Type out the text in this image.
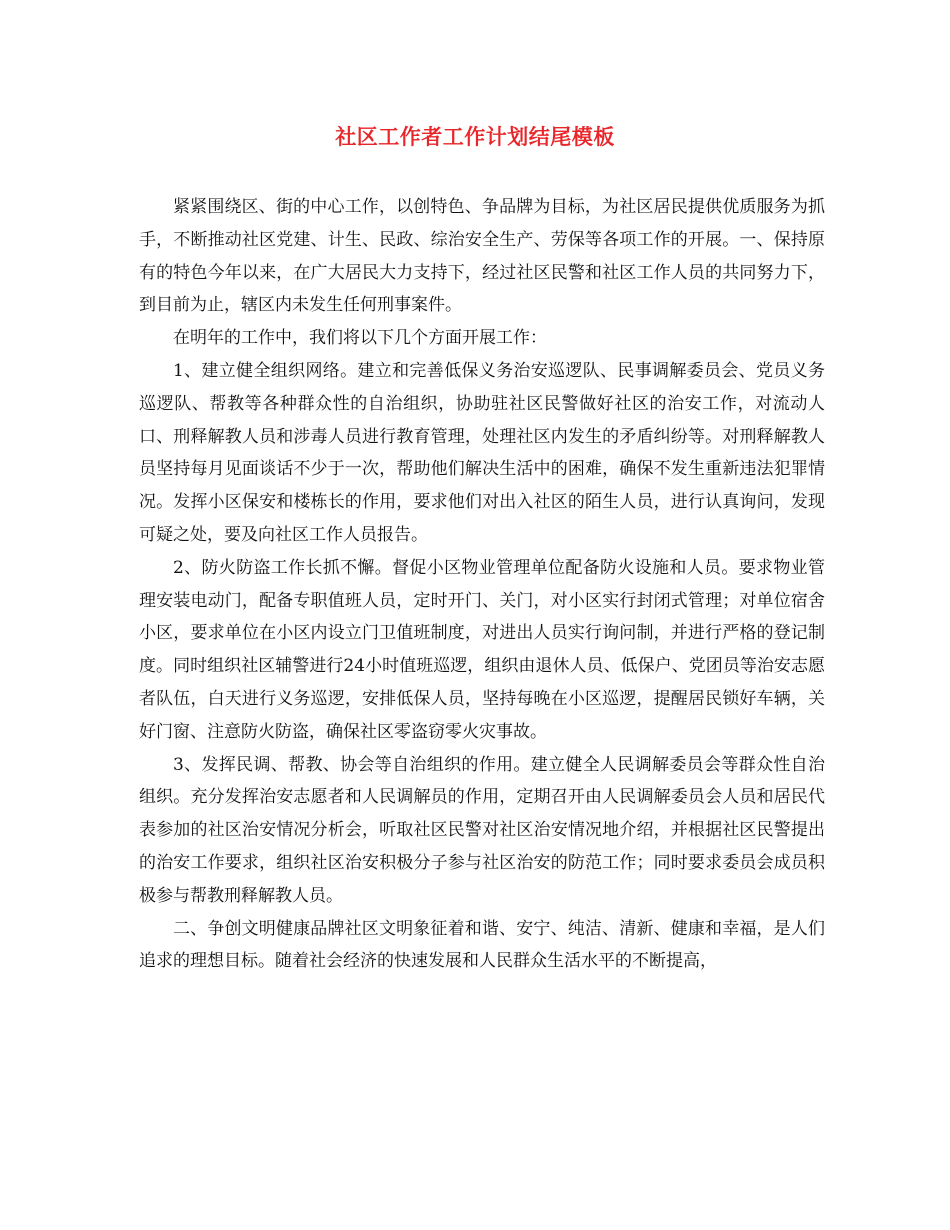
社区工作者工作计划结尾模板

紧紧围绕区、街的中心工作，以创特色、争品牌为目标，为社区居民提供优质服务为抓手，不断推动社区党建、计生、民政、综治安全生产、劳保等各项工作的开展。一、保持原有的特色今年以来，在广大居民大力支持下，经过社区民警和社区工作人员的共同努力下，到目前为止，辖区内未发生任何刑事案件。

在明年的工作中，我们将以下几个方面开展工作：

1、建立健全组织网络。建立和完善低保义务治安巡逻队、民事调解委员会、党员义务巡逻队、帮教等各种群众性的自治组织，协助驻社区民警做好社区的治安工作，对流动人口、刑释解教人员和涉毒人员进行教育管理，处理社区内发生的矛盾纠纷等。对刑释解教人员坚持每月见面谈话不少于一次，帮助他们解决生活中的困难，确保不发生重新违法犯罪情况。发挥小区保安和楼栋长的作用，要求他们对出入社区的陌生人员，进行认真询问，发现可疑之处，要及向社区工作人员报告。

2、防火防盗工作长抓不懈。督促小区物业管理单位配备防火设施和人员。要求物业管理安装电动门，配备专职值班人员，定时开门、关门，对小区实行封闭式管理；对单位宿舍小区，要求单位在小区内设立门卫值班制度，对进出人员实行询问制，并进行严格的登记制度。同时组织社区辅警进行24小时值班巡逻，组织由退休人员、低保户、党团员等治安志愿者队伍，白天进行义务巡逻，安排低保人员，坚持每晚在小区巡逻，提醒居民锁好车辆，关好门窗、注意防火防盗，确保社区零盗窃零火灾事故。

3、发挥民调、帮教、协会等自治组织的作用。建立健全人民调解委员会等群众性自治组织。充分发挥治安志愿者和人民调解员的作用，定期召开由人民调解委员会人员和居民代表参加的社区治安情况分析会，听取社区民警对社区治安情况地介绍，并根据社区民警提出的治安工作要求，组织社区治安积极分子参与社区治安的防范工作；同时要求委员会成员积极参与帮教刑释解教人员。

二、争创文明健康品牌社区文明象征着和谐、安宁、纯洁、清新、健康和幸福，是人们追求的理想目标。随着社会经济的快速发展和人民群众生活水平的不断提高，
